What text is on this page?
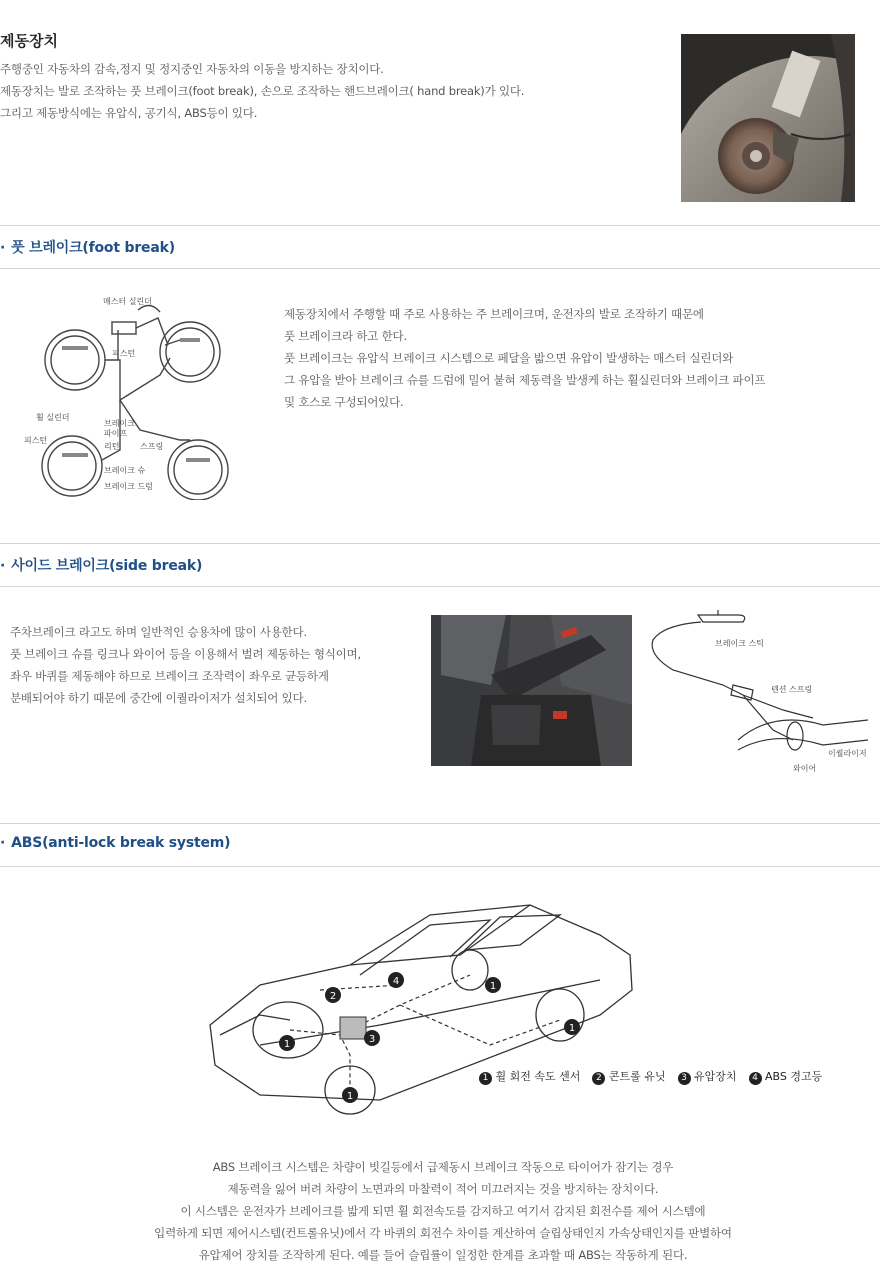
제동장치
주행중인 자동차의 감속,정지 및 정지중인 자동차의 이동을 방지하는 장치이다.
제동장치는 발로 조작하는 풋 브레이크(foot break), 손으로 조작하는 핸드브레이크( hand break)가 있다.
그리고 제동방식에는 유압식, 공기식, ABS등이 있다.
· 풋 브레이크(foot break)
매스터 실린더
피스턴
휠 실린더
피스턴
브레이크
파이프
리턴	스프링
브레이크 슈
브레이크 드럼
제동장치에서 주행할 때 주로 사용하는 주 브레이크며, 운전자의 발로 조작하기 때문에
풋 브레이크라 하고 한다.
풋 브레이크는 유압식 브레이크 시스템으로 페달을 밟으면 유압이 발생하는 매스터 실린더와
그 유압을 받아 브레이크 슈를 드럼에 밀어 붙혀 제동력을 발생케 하는 휠실린더와 브레이크 파이프
및 호스로 구성되어있다.
· 사이드 브레이크(side break)
주차브레이크 라고도 하며 일반적인 승용차에 많이 사용한다.
풋 브레이크 슈를 링크나 와이어 등을 이용해서 벌려 제동하는 형식이며,
좌우 바퀴를 제동해야 하므로 브레이크 조작력이 좌우로 균등하게
분배되어야 하기 때문에 중간에 이퀄라이저가 설치되어 있다.
브레이크 스틱
텐션 스프링
이퀄라이저
와이어
· ABS(anti-lock break system)
1
1
1
1
2
3
4
1 휠 회전 속도 센서 2 콘트롤 유닛 3 유압장치 4 ABS 경고등
ABS 브레이크 시스템은 차량이 빗길등에서 급제동시 브레이크 작동으로 타이어가 잠기는 경우
제동력을 잃어 버려 차량이 노면과의 마찰력이 적어 미끄러지는 것을 방지하는 장치이다.
이 시스템은 운전자가 브레이크를 밟게 되면 휠 회전속도를 감지하고 여기서 감지된 회전수를 제어 시스템에
입력하게 되면 제어시스템(컨트롤유닛)에서 각 바퀴의 회전수 차이를 계산하여 슬립상태인지 가속상태인지를 판별하여
유압제어 장치를 조작하게 된다. 예를 들어 슬립률이 일정한 한계를 초과할 때 ABS는 작동하게 된다.
